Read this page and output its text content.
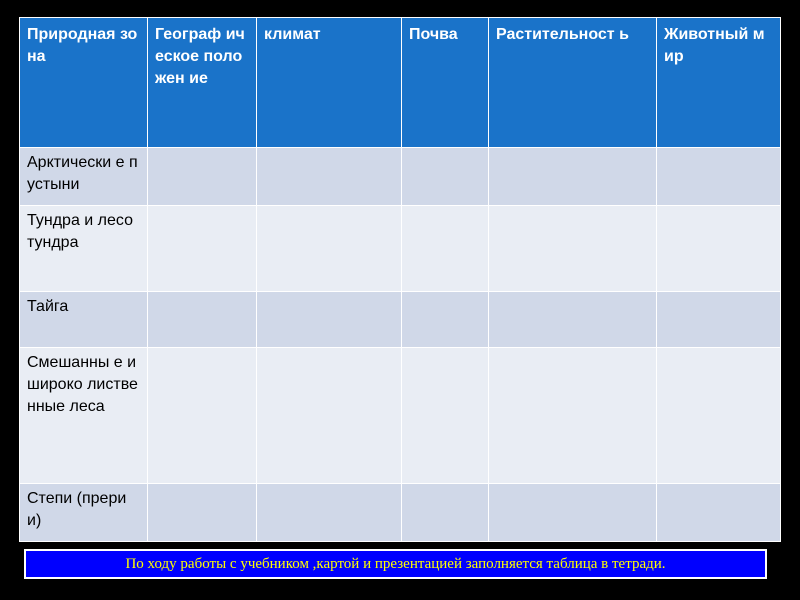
Природная зона	Географ ическое положен ие	климат	Почва	Растительност ь	Животный мир
Арктически е пустыни					
Тундра и лесотундра					
Тайга					
Смешанны е и широко лиственные леса					
Степи (прерии)					
По ходу работы с учебником ,картой и презентацией заполняется таблица в тетради.
